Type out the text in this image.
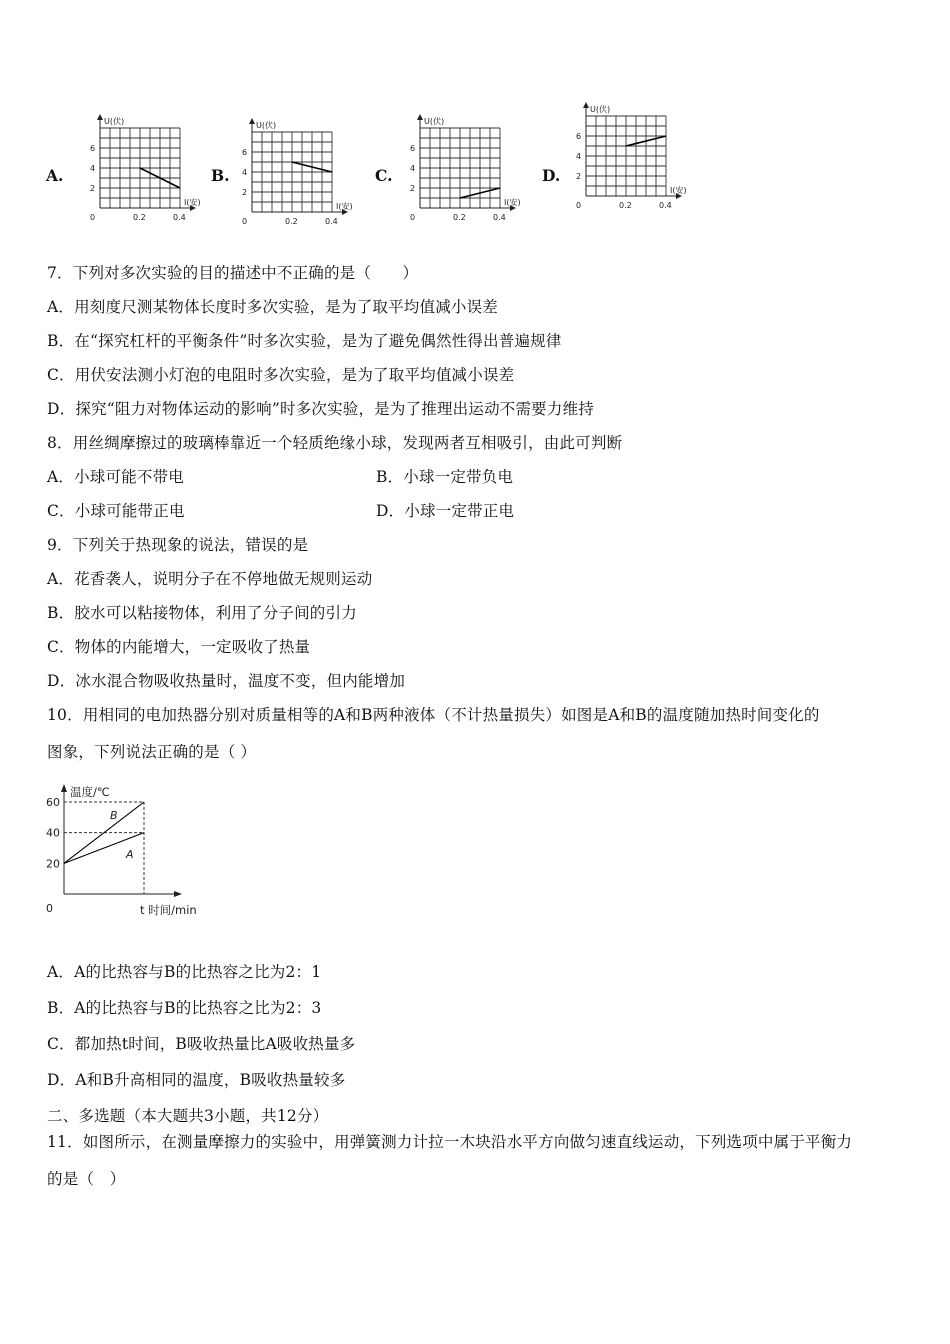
A.	B.	C.	D.
U(伏)
I(安)
2
4
6
0	0.2	0.4
U(伏)
I(安)
2
4
6
0	0.2	0.4
U(伏)
I(安)
2
4
6
0	0.2	0.4
U(伏)
I(安)
2
4
6
0	0.2	0.4
7．下列对多次实验的目的描述中不正确的是（　　）
A．用刻度尺测某物体长度时多次实验，是为了取平均值减小误差
B．在“探究杠杆的平衡条件”时多次实验，是为了避免偶然性得出普遍规律
C．用伏安法测小灯泡的电阻时多次实验，是为了取平均值减小误差
D．探究“阻力对物体运动的影响”时多次实验，是为了推理出运动不需要力维持
8．用丝绸摩擦过的玻璃棒靠近一个轻质绝缘小球，发现两者互相吸引，由此可判断
A．小球可能不带电	B．小球一定带负电
C．小球可能带正电	D．小球一定带正电
9．下列关于热现象的说法，错误的是
A．花香袭人，说明分子在不停地做无规则运动
B．胶水可以粘接物体，利用了分子间的引力
C．物体的内能增大，一定吸收了热量
D．冰水混合物吸收热量时，温度不变，但内能增加
10．用相同的电加热器分别对质量相等的A和B两种液体（不计热量损失）如图是A和B的温度随加热时间变化的
图象，下列说法正确的是（ ）
0
20
40
60
B
A
温度/℃
t 时间/min
A．A的比热容与B的比热容之比为2：1
B．A的比热容与B的比热容之比为2：3
C．都加热t时间，B吸收热量比A吸收热量多
D．A和B升高相同的温度，B吸收热量较多
二、多选题（本大题共3小题，共12分）
11．如图所示，在测量摩擦力的实验中，用弹簧测力计拉一木块沿水平方向做匀速直线运动，下列选项中属于平衡力
的是（　）
